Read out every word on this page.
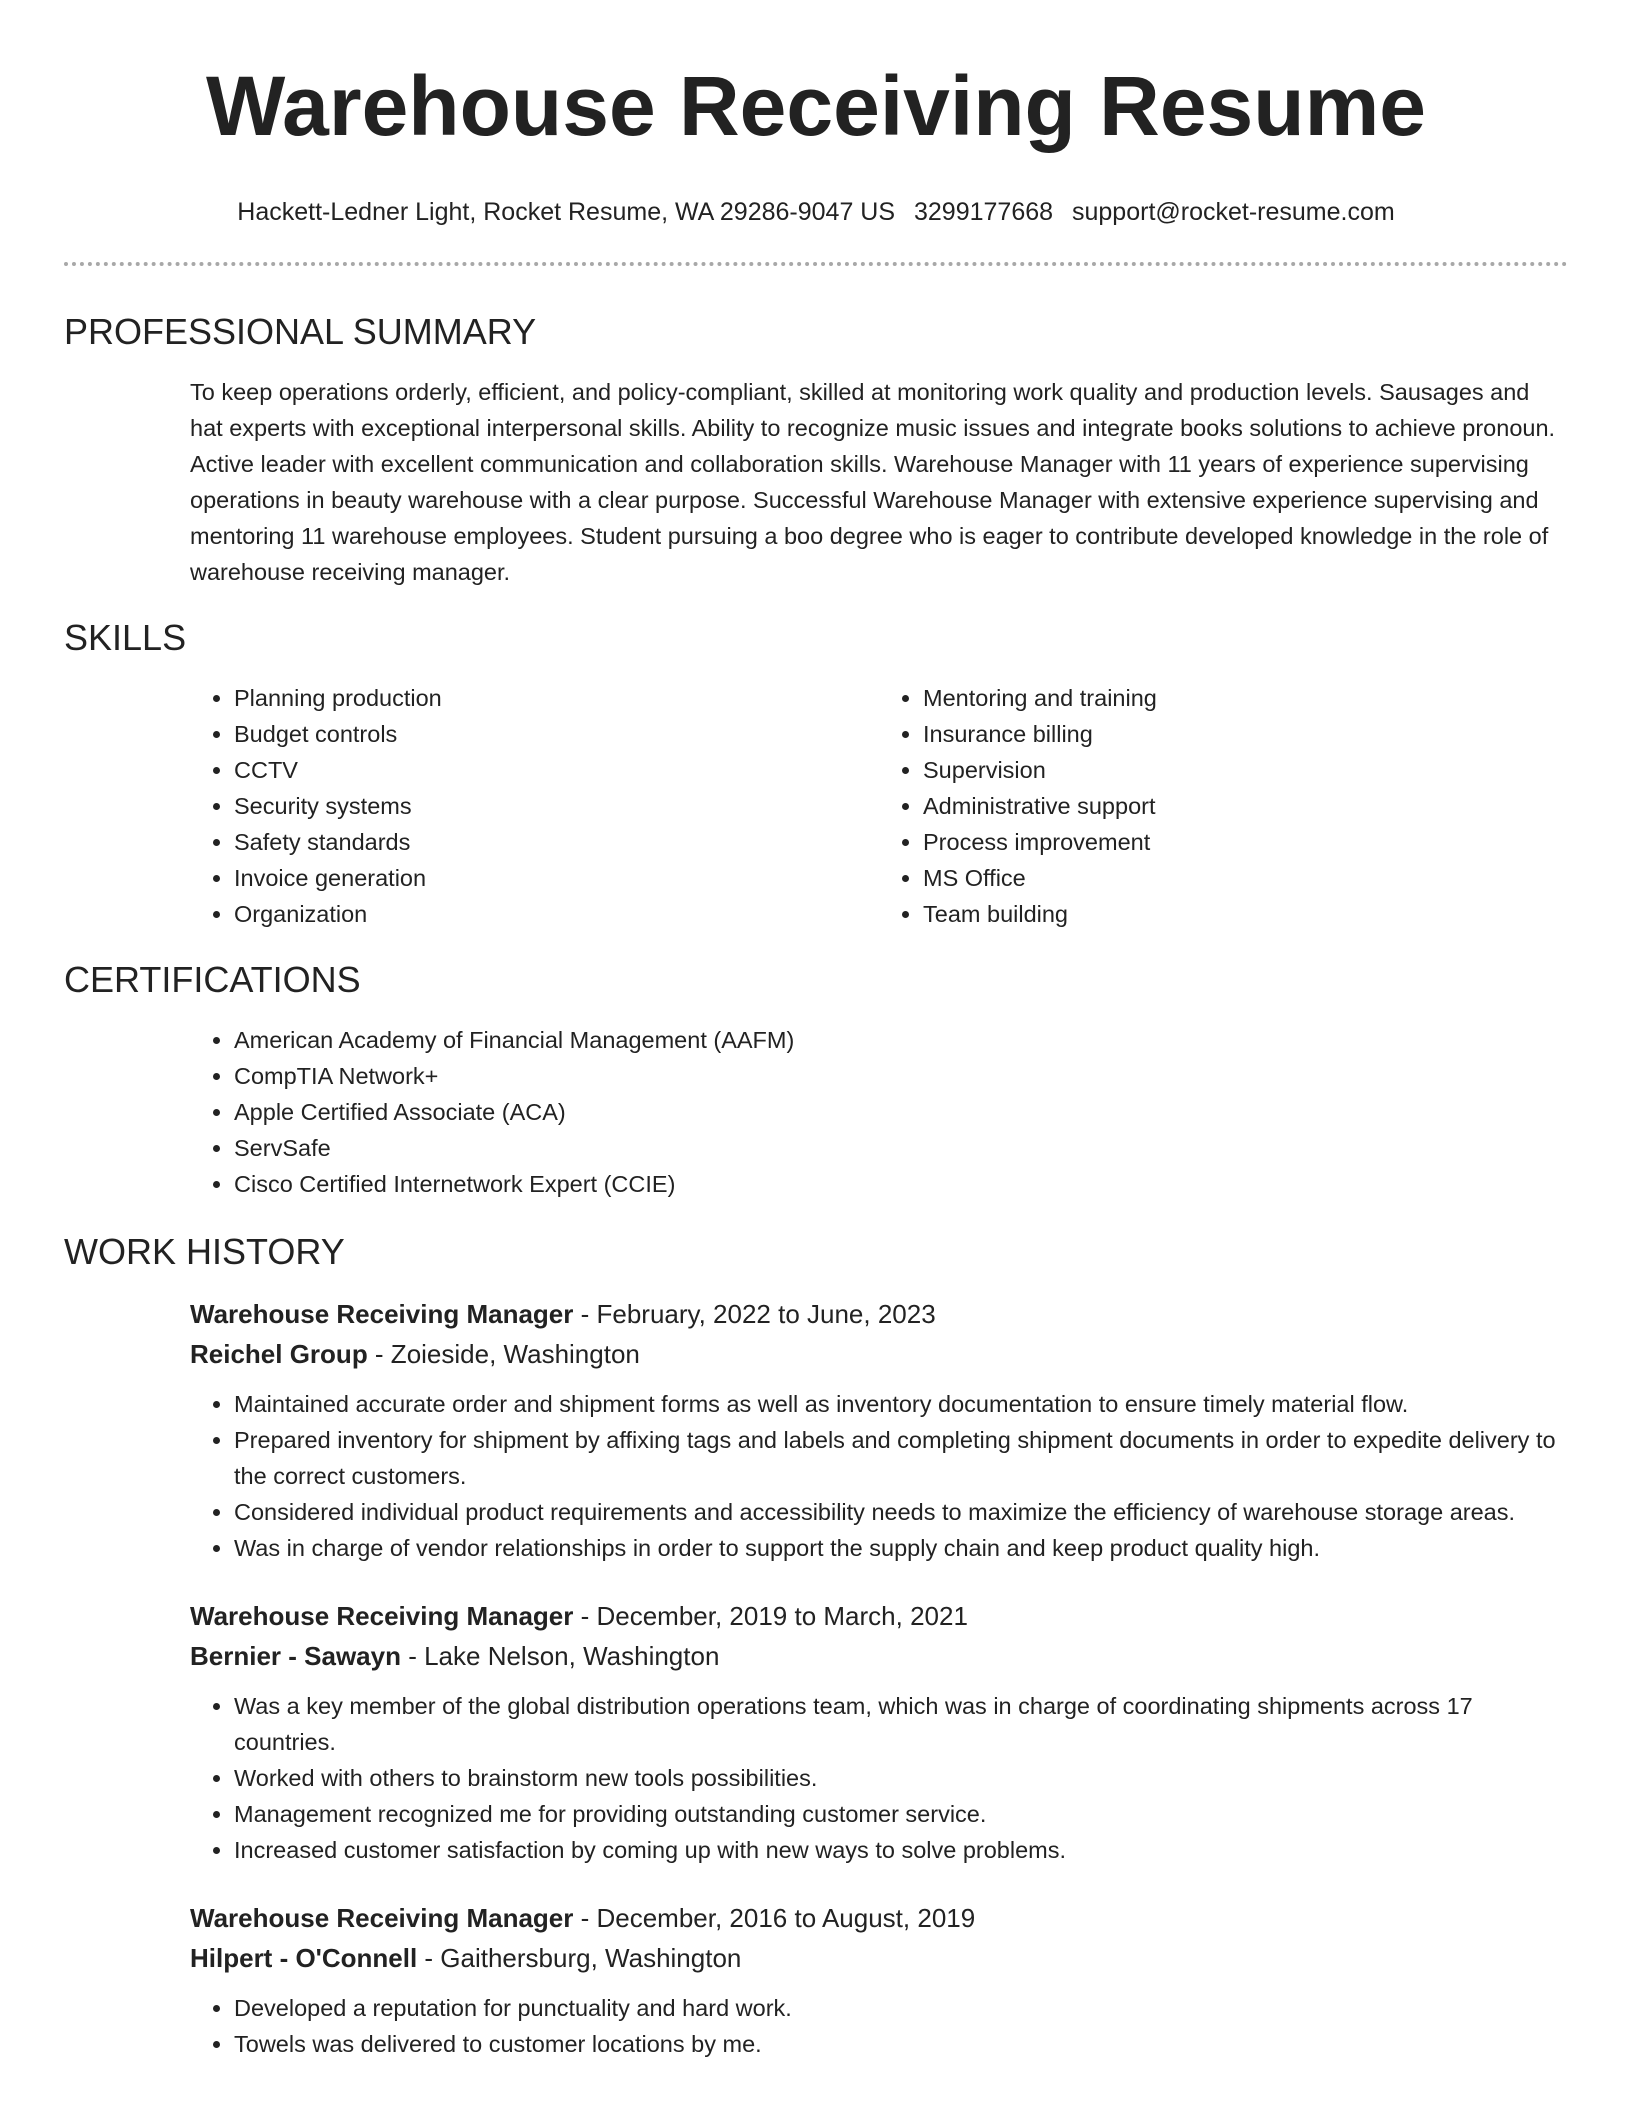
Warehouse Receiving Resume
Hackett-Ledner Light, Rocket Resume, WA 29286-9047 US 3299177668 support@rocket-resume.com
PROFESSIONAL SUMMARY
To keep operations orderly, efficient, and policy-compliant, skilled at monitoring work quality and production levels. Sausages and hat experts with exceptional interpersonal skills. Ability to recognize music issues and integrate books solutions to achieve pronoun. Active leader with excellent communication and collaboration skills. Warehouse Manager with 11 years of experience supervising operations in beauty warehouse with a clear purpose. Successful Warehouse Manager with extensive experience supervising and mentoring 11 warehouse employees. Student pursuing a boo degree who is eager to contribute developed knowledge in the role of warehouse receiving manager.
SKILLS
• Planning production
• Budget controls
• CCTV
• Security systems
• Safety standards
• Invoice generation
• Organization
• Mentoring and training
• Insurance billing
• Supervision
• Administrative support
• Process improvement
• MS Office
• Team building
CERTIFICATIONS
• American Academy of Financial Management (AAFM)
• CompTIA Network+
• Apple Certified Associate (ACA)
• ServSafe
• Cisco Certified Internetwork Expert (CCIE)
WORK HISTORY
Warehouse Receiving Manager - February, 2022 to June, 2023
Reichel Group - Zoieside, Washington
• Maintained accurate order and shipment forms as well as inventory documentation to ensure timely material flow.
• Prepared inventory for shipment by affixing tags and labels and completing shipment documents in order to expedite delivery to the correct customers.
• Considered individual product requirements and accessibility needs to maximize the efficiency of warehouse storage areas.
• Was in charge of vendor relationships in order to support the supply chain and keep product quality high.
Warehouse Receiving Manager - December, 2019 to March, 2021
Bernier - Sawayn - Lake Nelson, Washington
• Was a key member of the global distribution operations team, which was in charge of coordinating shipments across 17 countries.
• Worked with others to brainstorm new tools possibilities.
• Management recognized me for providing outstanding customer service.
• Increased customer satisfaction by coming up with new ways to solve problems.
Warehouse Receiving Manager - December, 2016 to August, 2019
Hilpert - O'Connell - Gaithersburg, Washington
• Developed a reputation for punctuality and hard work.
• Towels was delivered to customer locations by me.
